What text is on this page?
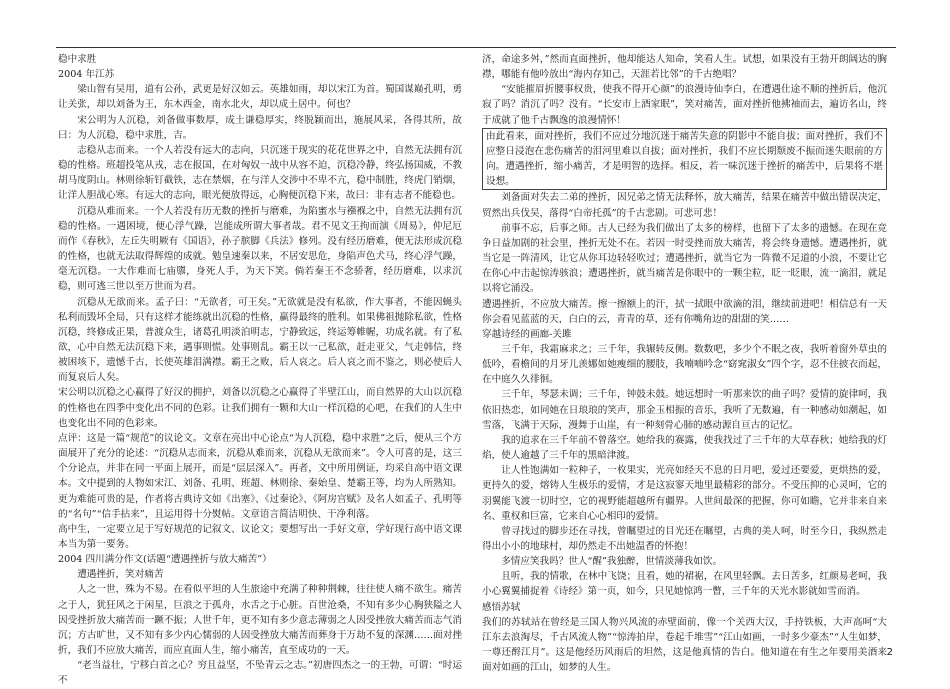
稳中求胜

2004 年江苏

梁山智有吴用，道有公孙，武更是好汉如云。英雄如雨，却以宋江为首。蜀国谋巅孔明，勇让关张，却以刘备为王，东木西金，南水北火，却以成土居中。何也？

宋公明为人沉稳，刘备做事数厚，成土谦稳厚实，终脱颖而出，施展风采，各得其所，故曰：为人沉稳，稳中求胜，吉。

志稳从志而来。一个人若没有远大的志向，只沉迷于现实的花花世界之中，自然无法拥有沉稳的性格。班超投笔从戎，志在报国，在对匈奴一战中从容不迫，沉稳冷静，终弘扬国威，不教胡马度阴山。林则徐斩钉截铁，志在禁烟，在与洋人交涉中不卑不亢，稳中制胜，终虎门销烟，让洋人胆战心寒。有远大的志向，眼光便放得远，心胸便沉稳下来，故曰：非有志者不能稳也。

沉稳从难而来。一个人若没有历无数的挫折与磨难，为陷蜜水与襁褓之中，自然无法拥有沉稳的性格。一遇困境，便心浮气躁，岂能成所谓大事者哉。君不见文王拘而演《周易》，仲尼厄而作《春秋》，左丘失明厥有《国语》，孙子膑脚《兵法》修列。没有经历磨难，便无法形成沉稳的性格，也就无法取得辉煌的成就。勉皇速秦以来，不居安思危，身陷声色犬马，终心浮气躁，毫无沉稳。一大作难而七庙隳，身死人手，为天下笑。倘若秦王不念骄奢，经历磨难，以求沉稳，则可逃三世以至万世而为君。

沉稳从无欲而来。孟子曰：“无欲者，可王矣。”无欲就是没有私欲，作大事者，不能因蝇头私利而毁坏全局，只有这样才能练就出沉稳的性格，赢得最终的胜利。如果佛祖抛除私欲，性格沉稳，终修成正果，普渡众生，诸葛孔明淡泊明志，宁静致远，终运筹帷幄，功成名就。有了私欲，心中自然无法沉稳下来，遇事则慌。处事则乱。霸王以一己私欲，赶走亚父，气走韩信，终被困垓下，遗憾千古，长使英雄泪满襟。霸王之败，后人哀之。后人哀之而不鉴之，则必使后人而复哀后人矣。

宋公明以沉稳之心赢得了好汉的拥护，刘备以沉稳之心赢得了半壁江山，而自然界的大山以沉稳的性格也在四季中变化出不同的色彩。让我们拥有一颗和大山一样沉稳的心吧，在我们的人生中也变化出不同的色彩来。

点评：这是一篇“规范”的议论文。文章在亮出中心论点“为人沉稳，稳中求胜”之后，便从三个方面展开了充分的论述：“沉稳从志而来，沉稳从难而来，沉稳从无欲而来”。令人可喜的是，这三个分论点，并非在同一平面上展开，而是“层层深入”。再者，文中所用例证，均采自高中语文课本。文中提到的人物如宋江、刘备、孔明、班超、林则徐、秦始皇、楚霸王等，均为人所熟知。更为难能可贵的是，作者将古典诗文如《出塞》、《过秦论》、《阿房宫赋》及名人如孟子、孔明等的“名句”“信手拈来”，且运用得十分熨帖。文章语言简洁明快、干净利落。

高中生，一定要立足于写好规范的记叙文、议论文；要想写出一手好文章，学好现行高中语文课本当为第一要务。

2004 四川满分作文(话题“遭遇挫折与放大痛苦”）

遭遇挫折，笑对痛苦

人之一世，殊为不易。在看似平坦的人生旅途中充满了种种荆棘，往往使人痛不欲生。痛苦之于人，犹狂风之于闲星，巨浪之于孤舟，水舌之于心脏。百世沧桑，不知有多少心胸狭隘之人因受挫折放大痛苦而一蹶不振；人世千年，更不知有多少意志薄弱之人因受挫放大痛苦而志气消沉；方古旷世，又不知有多少内心懦弱的人因受挫放大痛苦而葬身于万劫不复的深渊……面对挫折，我们不应放大痛苦，而应直面人生，缩小痛苦，直至成功的一天。

“老当益壮，宁移白首之心？穷且益坚，不坠青云之志。”初唐四杰之一的王勃，可谓：“时运不

济，命途多舛，”然而直面挫折，他却能达人知命，笑看人生。试想，如果没有王勃开朗阔达的胸襟，哪能有他吟放出“海内存知己，天涯若比邻”的千古绝唱？

“安能摧眉折腰事权贵，使我不得开心颜”的浪漫诗仙李白，在遭遇仕途不顺的挫折后，他沉寂了吗？消沉了吗？没有。“长安市上酒家眠”，笑对痛苦，面对挫折他拂袖而去，遍访名山，终于成就了他千古飘逸的浪漫情怀！

由此看来，面对挫折，我们不应过分地沉迷于痛苦失意的阴影中不能自拔；面对挫折，我们不应整日浸泡在悲伤痛苦的泪河里难以自拔；面对挫折，我们不应长期颓废不振而迷失眼前的方向。遭遇挫折，缩小痛苦，才是明智的选择。相反，若一味沉迷于挫折的痛苦中，后果将不堪设想。

刘备面对失去二弟的挫折，因兄弟之情无法释怀，放大痛苦，结果在痛苦中做出错误决定，贸然出兵伐吴，落得“白帝托孤”的千古悲剧。可悲可悲！

前事不忘，后事之师。古人已经为我们做出了太多的榜样，也留下了太多的遗憾。在现在竞争日益加剧的社会里，挫折无处不在。若因一时受挫而放大痛苦，将会终身遗憾。遭遇挫折，就当它是一阵清风，让它从你耳边轻轻吹过；遭遇挫折，就当它为一阵微不足道的小浪，不要让它在你心中击起惊涛骇浪；遭遇挫折，就当痛苦是你眼中的一颗尘粒，眨一眨眼，流一滴泪，就足以将它涌没。

遭遇挫折，不应放大痛苦。擦一擦额上的汗，拭一拭眼中欲滴的泪，继续前进吧！相信总有一天你会看见蓝蓝的天，白白的云，青青的草，还有你嘴角边的甜甜的笑……

穿越诗经的画廊-关雎

三千年，我霜麻求之；三千年，我辗转反侧。数数吧，多少个不眠之夜，我听着窗外草虫的低吟，看檐间的月牙儿羡娜如她瘦细的腰肢，我喃喃吟念“窈窕淑女”四个字，忍不住披衣而起，在中庭久久徘徊。

三千年，琴瑟未调；三千年，钟鼓未鼓。她远想时一听那来饮的曲子吗？爱情的旋律呵，我依旧热恋，如同她在日琅琅的笑声，那金玉相振的音乐，我听了无数遍，有一种感动如潮起，如雪落，飞满于天际，漫舞于山崖，有一种刻骨心肺的感动源自亘古的记忆。

我的追求在三千年前不曾落空。她给我的赛露，使我找过了三千年的大草春秋；她给我的灯焰，使人逾越了三千年的黑暗津渡。

让人性饱满如一粒种子，一枚果实，光亮如经天不息的日月吧，爱过还要爱，更烘热的爱，更持久的爱，熔铸人生极乐的爱情，才是这寂寥天地里最精彩的部分。不受压抑的心灵呵，它的羽翼能飞渡一切时空，它的视野能超越所有疆界。人世间最深的把握，你可如瞻，它并非来自来名、重权和巨富，它来自心心相印的爱情。

曾寻找过的脚步还在寻找，曾瞩望过的目光还在瞩望，古典的美人呵，时至今日，我纵然走得出小小的地球村，却仍然走不出她温香的怀抱！

多情应笑我吗？世人“醒”我独醉，世情淡薄我如饮。

且听，我的情歌，在林中飞饶；且看，她的裙裾，在风里轻飘。去日苦多，红颜易老呵，我小心翼翼捕捉着《诗经》第一页，如今，只见她惊鸿一瞥，三千年的天光水影就如雪而消。

感悟苏轼

我们的苏轼站在曾经是三国人物兴风流的赤壁面前，像一个关西大汉，手持铁板，大声高呵“大江东去浪淘尽，千古风流人物”“惊涛拍岸，卷起千堆雪”“江山如画，一时多少豪杰”“人生如梦，一尊还酹江月”。这是他经历风雨后的坦然，这是他真情的告白。他知道在有生之年要用美酒来面对如画的江山，如梦的人生。

2
